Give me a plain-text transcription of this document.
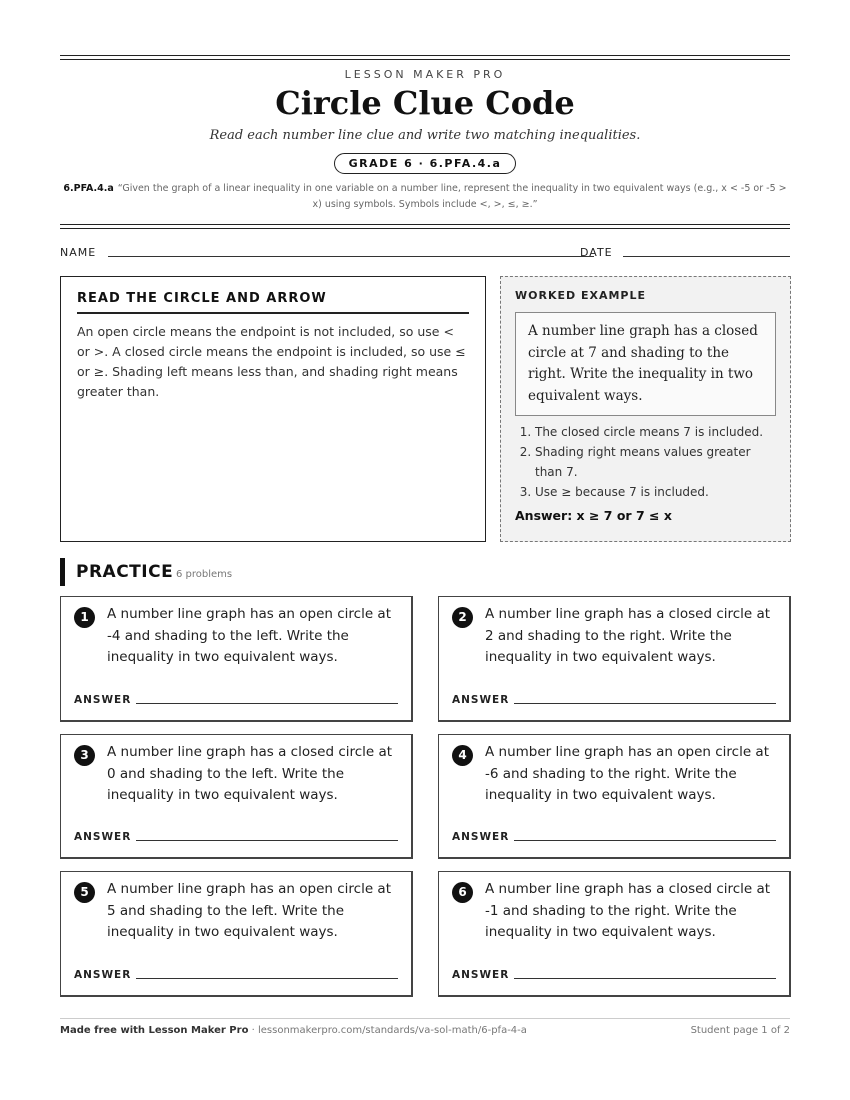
LESSON MAKER PRO
Circle Clue Code
Read each number line clue and write two matching inequalities.
GRADE 6 · 6.PFA.4.a
6.PFA.4.a “Given the graph of a linear inequality in one variable on a number line, represent the inequality in two equivalent ways (e.g., x < -5 or -5 > x) using symbols. Symbols include <, >, ≤, ≥.”
NAME	DATE
READ THE CIRCLE AND ARROW

An open circle means the endpoint is not included, so use < or >. A closed circle means the endpoint is included, so use ≤ or ≥. Shading left means less than, and shading right means greater than.

WORKED EXAMPLE
A number line graph has a closed circle at 7 and shading to the right. Write the inequality in two equivalent ways.
1. The closed circle means 7 is included.
2. Shading right means values greater than 7.
3. Use ≥ because 7 is included.
Answer: x ≥ 7 or 7 ≤ x
PRACTICE 6 problems
1	A number line graph has an open circle at -4 and shading to the left. Write the inequality in two equivalent ways.
ANSWER
2	A number line graph has a closed circle at 2 and shading to the right. Write the inequality in two equivalent ways.
ANSWER
3	A number line graph has a closed circle at 0 and shading to the left. Write the inequality in two equivalent ways.
ANSWER
4	A number line graph has an open circle at -6 and shading to the right. Write the inequality in two equivalent ways.
ANSWER
5	A number line graph has an open circle at 5 and shading to the left. Write the inequality in two equivalent ways.
ANSWER
6	A number line graph has a closed circle at -1 and shading to the right. Write the inequality in two equivalent ways.
ANSWER
Made free with Lesson Maker Pro · lessonmakerpro.com/standards/va-sol-math/6-pfa-4-a	Student page 1 of 2
